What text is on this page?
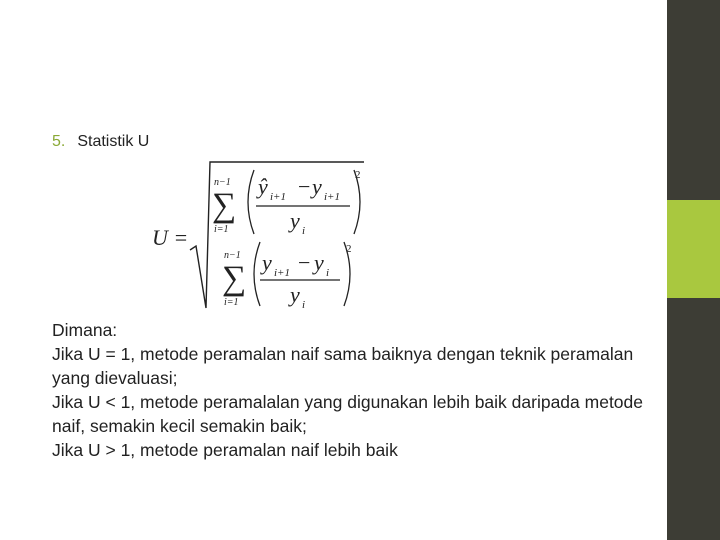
5. Statistik U
U =
n−1
∑
i=1
2
ŷ i+1 − y i+1
y i
n−1
∑
i=1
2
y i+1 − y i
y i

Dimana:

Jika U = 1, metode peramalan naif sama baiknya dengan teknik peramalan yang dievaluasi;

Jika U < 1, metode peramalalan yang digunakan lebih baik daripada metode naif, semakin kecil semakin baik;

Jika U > 1, metode peramalan naif lebih baik
